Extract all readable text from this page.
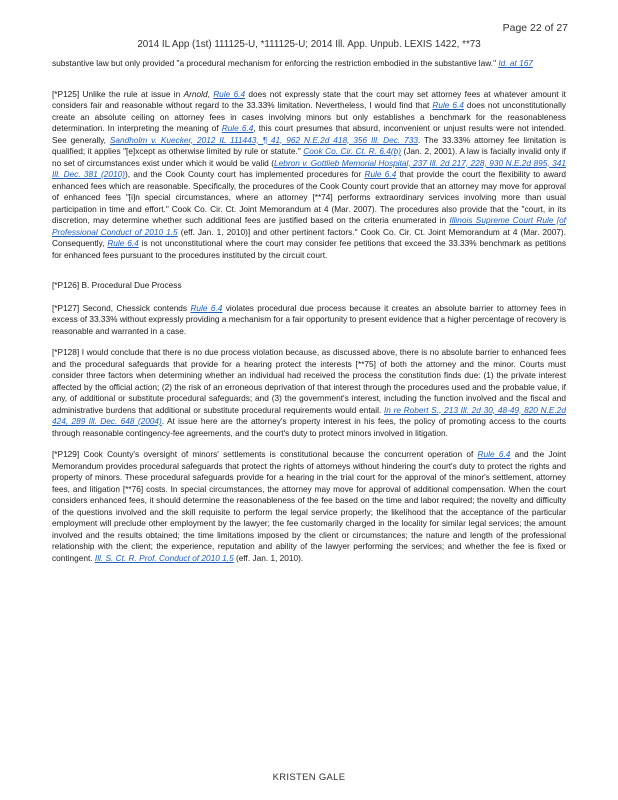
Page 22 of 27
2014 IL App (1st) 111125-U, *111125-U; 2014 Ill. App. Unpub. LEXIS 1422, **73

substantive law but only provided "a procedural mechanism for enforcing the restriction embodied in the substantive law." Id. at 167

[*P125] Unlike the rule at issue in Arnold, Rule 6.4 does not expressly state that the court may set attorney fees at whatever amount it considers fair and reasonable without regard to the 33.33% limitation. Nevertheless, I would find that Rule 6.4 does not unconstitutionally create an absolute ceiling on attorney fees in cases involving minors but only establishes a benchmark for the reasonableness determination. In interpreting the meaning of Rule 6.4, this court presumes that absurd, inconvenient or unjust results were not intended. See generally, Sandholm v. Kuecker, 2012 IL 111443, ¶ 41, 962 N.E.2d 418, 356 Ill. Dec. 733. The 33.33% attorney fee limitation is qualified; it applies "[e]xcept as otherwise limited by rule or statute." Cook Co. Cir. Ct. R. 6.4(b) (Jan. 2, 2001). A law is facially invalid only if no set of circumstances exist under which it would be valid (Lebron v. Gottlieb Memorial Hospital, 237 Ill. 2d 217, 228, 930 N.E.2d 895, 341 Ill. Dec. 381 (2010)), and the Cook County court has implemented procedures for Rule 6.4 that provide the court the flexibility to award enhanced fees which are reasonable. Specifically, the procedures of the Cook County court provide that an attorney may move for approval of enhanced fees "[i]n special circumstances, where an attorney [**74] performs extraordinary services involving more than usual participation in time and effort." Cook Co. Cir. Ct. Joint Memorandum at 4 (Mar. 2007). The procedures also provide that the "court, in its discretion, may determine whether such additional fees are justified based on the criteria enumerated in Illinois Supreme Court Rule [of Professional Conduct of 2010 1.5 (eff. Jan. 1, 2010)] and other pertinent factors." Cook Co. Cir. Ct. Joint Memorandum at 4 (Mar. 2007). Consequently, Rule 6.4 is not unconstitutional where the court may consider fee petitions that exceed the 33.33% benchmark as petitions for enhanced fees pursuant to the procedures instituted by the circuit court.

[*P126] B. Procedural Due Process

[*P127] Second, Chessick contends Rule 6.4 violates procedural due process because it creates an absolute barrier to attorney fees in excess of 33.33% without expressly providing a mechanism for a fair opportunity to present evidence that a higher percentage of recovery is reasonable and warranted in a case.

[*P128] I would conclude that there is no due process violation because, as discussed above, there is no absolute barrier to enhanced fees and the procedural safeguards that provide for a hearing protect the interests [**75] of both the attorney and the minor. Courts must consider three factors when determining whether an individual had received the process the constitution finds due: (1) the private interest affected by the official action; (2) the risk of an erroneous deprivation of that interest through the procedures used and the probable value, if any, of additional or substitute procedural safeguards; and (3) the government's interest, including the function involved and the fiscal and administrative burdens that additional or substitute procedural requirements would entail. In re Robert S., 213 Ill. 2d 30, 48-49, 820 N.E.2d 424, 289 Ill. Dec. 648 (2004). At issue here are the attorney's property interest in his fees, the policy of promoting access to the courts through reasonable contingency-fee agreements, and the court's duty to protect minors involved in litigation.

[*P129] Cook County's oversight of minors' settlements is constitutional because the concurrent operation of Rule 6.4 and the Joint Memorandum provides procedural safeguards that protect the rights of attorneys without hindering the court's duty to protect the rights and property of minors. These procedural safeguards provide for a hearing in the trial court for the approval of the minor's settlement, attorney fees, and litigation [**76] costs. In special circumstances, the attorney may move for approval of additional compensation. When the court considers enhanced fees, it should determine the reasonableness of the fee based on the time and labor required; the novelty and difficulty of the questions involved and the skill requisite to perform the legal service properly; the likelihood that the acceptance of the particular employment will preclude other employment by the lawyer; the fee customarily charged in the locality for similar legal services; the amount involved and the results obtained; the time limitations imposed by the client or circumstances; the nature and length of the professional relationship with the client; the experience, reputation and ability of the lawyer performing the services; and whether the fee is fixed or contingent. Ill. S. Ct. R. Prof. Conduct of 2010 1.5 (eff. Jan. 1, 2010).

KRISTEN GALE
